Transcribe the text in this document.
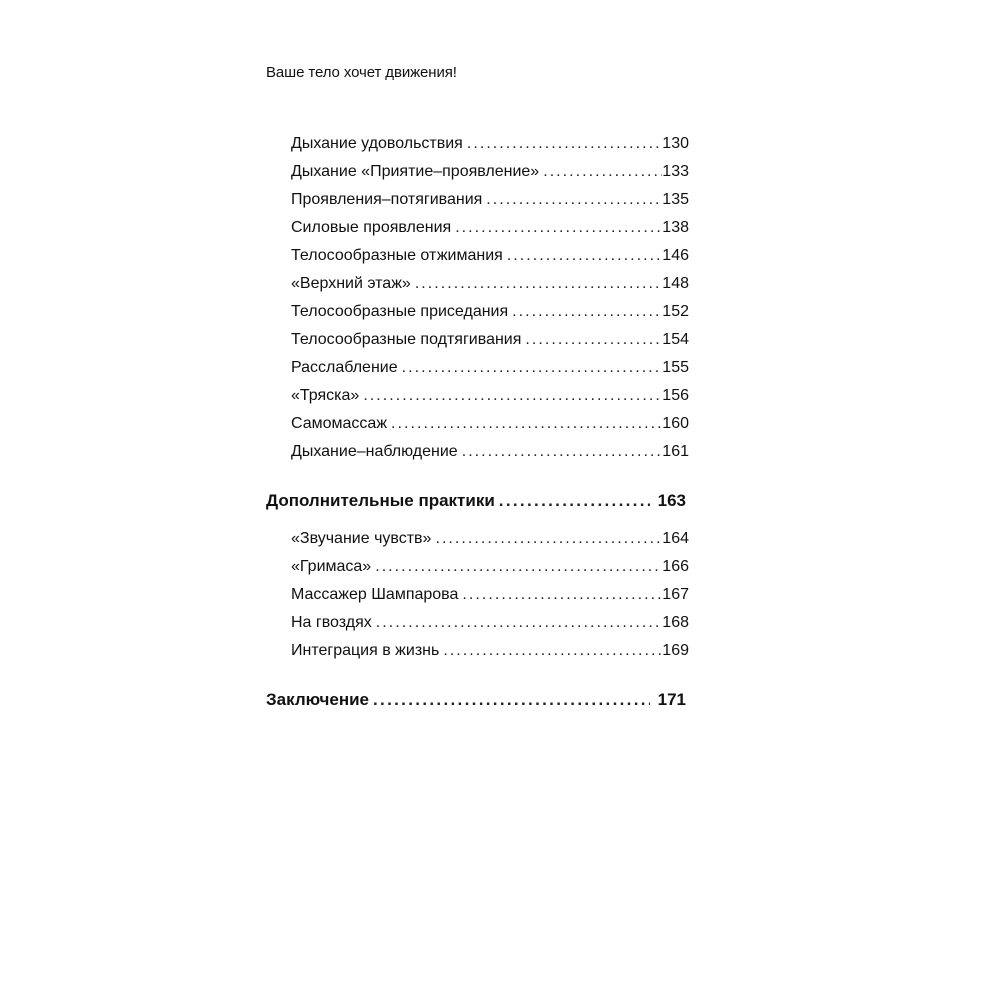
Ваше тело хочет движения!
Дыхание удовольствия . . .	130
Дыхание «Приятие–проявление» . . .	133
Проявления–потягивания . . .	135
Силовые проявления . . .	138
Телосообразные отжимания . . .	146
«Верхний этаж» . . .	148
Телосообразные приседания . . .	152
Телосообразные подтягивания . . .	154
Расслабление . . .	155
«Тряска» . . .	156
Самомассаж . . .	160
Дыхание–наблюдение . . .	161
Дополнительные практики . . .	163
«Звучание чувств» . . .	164
«Гримаса» . . .	166
Массажер Шампарова . . .	167
На гвоздях . . .	168
Интеграция в жизнь . . .	169
Заключение . . .	171
